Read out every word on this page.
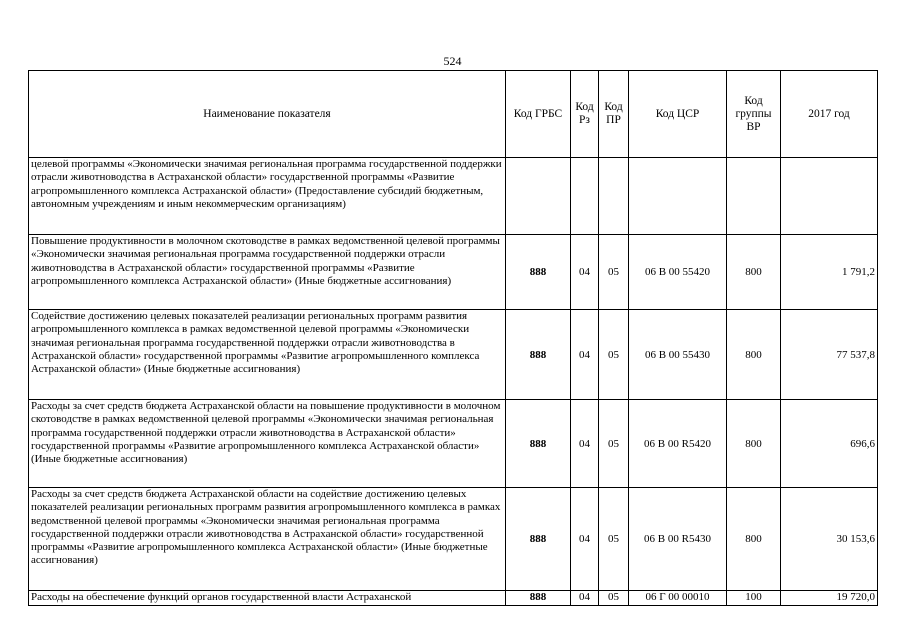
524
Наименование показателя	Код ГРБС	Код Рз	Код ПР	Код ЦСР	Код группы ВР	2017 год
целевой программы «Экономически значимая региональная программа государственной поддержки отрасли животноводства в Астраханской области» государственной программы «Развитие агропромышленного комплекса Астраханской области» (Предоставление субсидий бюджетным, автономным учреждениям и иным некоммерческим организациям)						
Повышение продуктивности в молочном скотоводстве в рамках ведомственной целевой программы «Экономически значимая региональная программа государственной поддержки отрасли животноводства в Астраханской области» государственной программы «Развитие агропромышленного комплекса Астраханской области» (Иные бюджетные ассигнования)	888	04	05	06 В 00 55420	800	1 791,2
Содействие достижению целевых показателей реализации региональных программ развития агропромышленного комплекса в рамках ведомственной целевой программы «Экономически значимая региональная программа государственной поддержки отрасли животноводства в Астраханской области» государственной программы «Развитие агропромышленного комплекса Астраханской области» (Иные бюджетные ассигнования)	888	04	05	06 В 00 55430	800	77 537,8
Расходы за счет средств бюджета Астраханской области на повышение продуктивности в молочном скотоводстве в рамках ведомственной целевой программы «Экономически значимая региональная программа государственной поддержки отрасли животноводства в Астраханской области» государственной программы «Развитие агропромышленного комплекса Астраханской области» (Иные бюджетные ассигнования)	888	04	05	06 В 00 R5420	800	696,6
Расходы за счет средств бюджета Астраханской области на содействие достижению целевых показателей реализации региональных программ развития агропромышленного комплекса в рамках ведомственной целевой программы «Экономически значимая региональная программа государственной поддержки отрасли животноводства в Астраханской области» государственной программы «Развитие агропромышленного комплекса Астраханской области» (Иные бюджетные ассигнования)	888	04	05	06 В 00 R5430	800	30 153,6
Расходы на обеспечение функций органов государственной власти Астраханской	888	04	05	06 Г 00 00010	100	19 720,0
